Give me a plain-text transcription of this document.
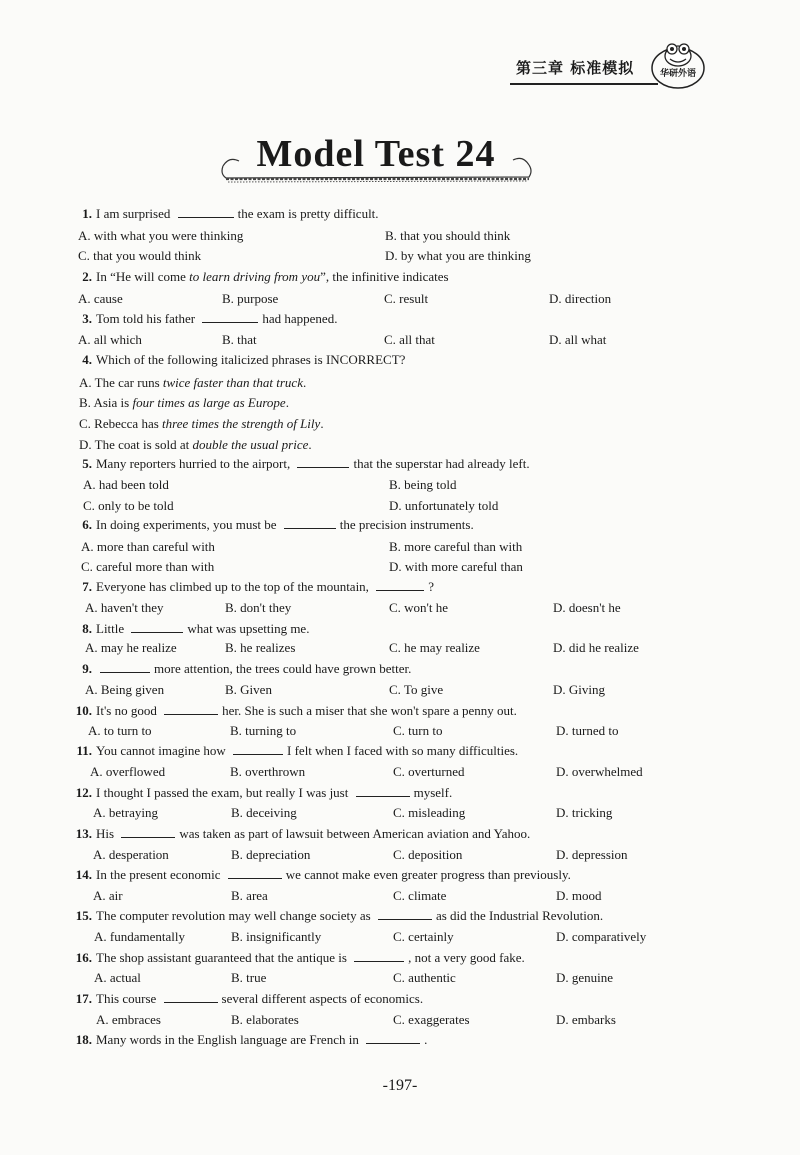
第三章 标准模拟	华研外语
Model Test 24
1. I am surprised	the exam is pretty difficult.
A. with what you were thinking	B. that you should think
C. that you would think	D. by what you are thinking
2. In “He will come to learn driving from you”, the infinitive indicates
A. cause	B. purpose	C. result	D. direction
3. Tom told his father	had happened.
A. all which	B. that	C. all that	D. all what
4. Which of the following italicized phrases is INCORRECT?
A. The car runs twice faster than that truck.
B. Asia is four times as large as Europe.
C. Rebecca has three times the strength of Lily.
D. The coat is sold at double the usual price.
5. Many reporters hurried to the airport,	that the superstar had already left.
A. had been told	B. being told
C. only to be told	D. unfortunately told
6. In doing experiments, you must be	the precision instruments.
A. more than careful with	B. more careful than with
C. careful more than with	D. with more careful than
7. Everyone has climbed up to the top of the mountain,	?
A. haven't they	B. don't they	C. won't he	D. doesn't he
8. Little	what was upsetting me.
A. may he realize	B. he realizes	C. he may realize	D. did he realize
9.	more attention, the trees could have grown better.
A. Being given	B. Given	C. To give	D. Giving
10. It's no good	her. She is such a miser that she won't spare a penny out.
A. to turn to	B. turning to	C. turn to	D. turned to
11. You cannot imagine how	I felt when I faced with so many difficulties.
A. overflowed	B. overthrown	C. overturned	D. overwhelmed
12. I thought I passed the exam, but really I was just	myself.
A. betraying	B. deceiving	C. misleading	D. tricking
13. His	was taken as part of lawsuit between American aviation and Yahoo.
A. desperation	B. depreciation	C. deposition	D. depression
14. In the present economic	we cannot make even greater progress than previously.
A. air	B. area	C. climate	D. mood
15. The computer revolution may well change society as	as did the Industrial Revolution.
A. fundamentally	B. insignificantly	C. certainly	D. comparatively
16. The shop assistant guaranteed that the antique is	, not a very good fake.
A. actual	B. true	C. authentic	D. genuine
17. This course	several different aspects of economics.
A. embraces	B. elaborates	C. exaggerates	D. embarks
18. Many words in the English language are French in	.
-197-
